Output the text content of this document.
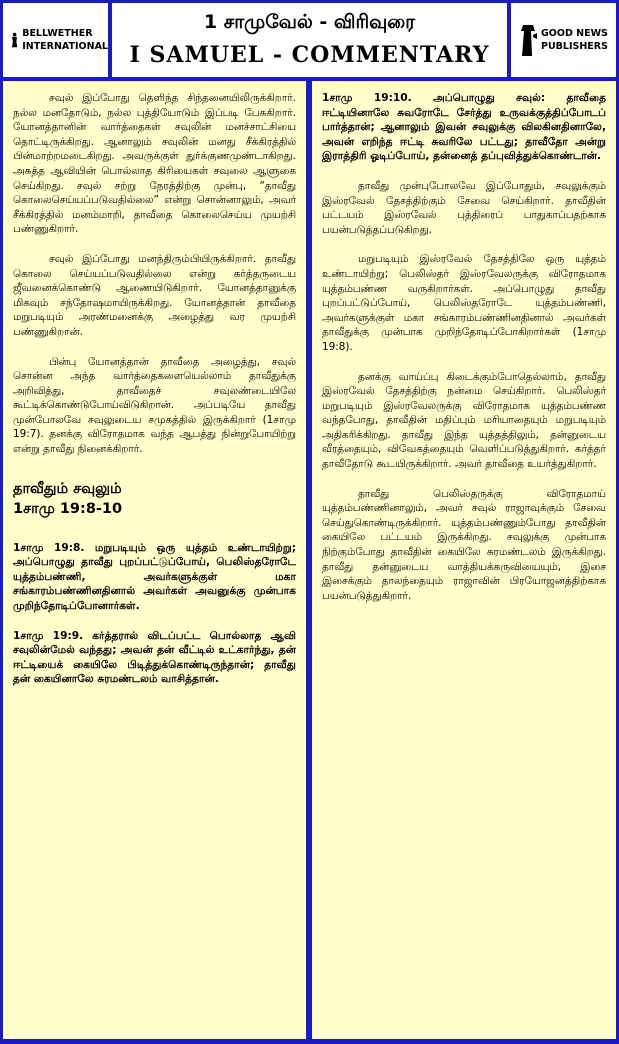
BELLWETHER
INTERNATIONAL
1 சாமுவேல் - விரிவுரை
I SAMUEL - COMMENTARY
GOOD NEWS
PUBLISHERS

சவுல் இப்போது தெளிந்த சிந்தனையிலிருக்கிறார். நல்ல மனதோடும், நல்ல புத்தியோடும் இப்படி பேசுகிறார். யோனத்தானின் வார்த்தைகள் சவுலின் மனச்சாட்சியை தொட்டிருக்கிறது. ஆனாலும் சவுலின் மனது சீக்கிரத்தில் பின்மாற்றமடைகிறது. அவருக்குள் துர்க்குணமுண்டாகிறது. அசுத்த ஆவியின் பொல்லாத கிரியைகள் சவுலை ஆளுகை செய்கிறது. சவுல் சற்று நேரத்திற்கு முன்பு, “தாவீது கொலைசெய்யப்படுவதில்லை” என்று சொன்னாலும், அவர் சீக்கிரத்தில் மனம்மாறி, தாவீதை கொலைசெய்ய முயற்சி பண்ணுகிறார்.

சவுல் இப்போது மனந்திரும்பியிருக்கிறார். தாவீது கொலை செய்யப்படுவதில்லை என்று கர்த்தருடைய ஜீவனைக்கொண்டு ஆணையிடுகிறார். யோனத்தானுக்கு மிகவும் சந்தோஷமாயிருக்கிறது. யோனத்தான் தாவீதை மறுபடியும் அரண்மனைக்கு அழைத்து வர முயற்சி பண்ணுகிறான்.

பின்பு யோனத்தான் தாவீதை அழைத்து, சவுல் சொன்ன அந்த வார்த்தைகளையெல்லாம் தாவீதுக்கு அறிவித்து, தாவீதைச் சவுலண்டையிலே கூட்டிக்கொண்டுபோய்விடுகிறான். அப்படியே தாவீது முன்போலவே சவுலுடைய சமுகத்தில் இருக்கிறார் (1சாமு 19:7). தனக்கு விரோதமாக வந்த ஆபத்து நின்றுபோயிற்று என்று தாவீது நினைக்கிறார்.

தாவீதும் சவுலும்
1சாமு 19:8-10

1சாமு 19:8. மறுபடியும் ஒரு யுத்தம் உண்டாயிற்று; அப்பொழுது தாவீது புறப்பட்டுப்போய், பெலிஸ்தரோடே யுத்தம்பண்ணி, அவர்களுக்குள் மகா சங்காரம்பண்ணினதினால் அவர்கள் அவனுக்கு முன்பாக முறிந்தோடிப்போனார்கள்.

1சாமு 19:9. கர்த்தரால் விடப்பட்ட பொல்லாத ஆவி சவுலின்மேல் வந்தது; அவன் தன் வீட்டில் உட்கார்ந்து, தன் ஈட்டியைக் கையிலே பிடித்துக்கொண்டிருந்தான்; தாவீது தன் கையினாலே சுரமண்டலம் வாசித்தான்.

1சாமு 19:10. அப்பொழுது சவுல்: தாவீதை ஈட்டியினாலே சுவரோடே சேர்த்து உருவக்குத்திப்போடப் பார்த்தான்; ஆனாலும் இவன் சவுலுக்கு விலகினதினாலே, அவன் எறிந்த ஈட்டி சுவரிலே பட்டது; தாவீதோ அன்று இராத்திரி ஓடிப்போய், தன்னைத் தப்புவித்துக்கொண்டான்.

தாவீது முன்புபோலவே இப்போதும், சவுலுக்கும் இஸ்ரவேல் தேசத்திற்கும் சேவை செய்கிறார். தாவீதின் பட்டயம் இஸ்ரவேல் புத்திரைப் பாதுகாப்பதற்காக பயன்படுத்தப்படுகிறது.

மறுபடியும் இஸ்ரவேல் தேசத்திலே ஒரு யுத்தம் உண்டாயிற்று; பெலிஸ்தர் இஸ்ரவேலருக்கு விரோதமாக யுத்தம்பண்ண வருகிறார்கள். அப்பொழுது தாவீது புறப்பட்டுப்போய், பெலிஸ்தரோடே யுத்தம்பண்ணி, அவர்களுக்குள் மகா சங்காரம்பண்ணினதினால் அவர்கள் தாவீதுக்கு முன்பாக முறிந்தோடிப்போகிறார்கள் (1சாமு 19:8).

தனக்கு வாய்ப்பு கிடைக்கும்போதெல்லாம், தாவீது இஸ்ரவேல் தேசத்திற்கு நன்மை செய்கிறார். பெலிஸ்தர் மறுபடியும் இஸ்ரவேலருக்கு விரோதமாக யுத்தம்பண்ண வந்தபோது, தாவீதின் மதிப்பும் மரியாதையும் மறுபடியும் அதிகரிக்கிறது. தாவீது இந்த யுத்தத்திலும், தன்னுடைய வீரத்தையும், விவேகத்தையும் வெளிப்படுத்துகிறார். கர்த்தர் தாவீதோடு கூடயிருக்கிறார். அவர் தாவீதை உயர்த்துகிறார்.

தாவீது பெலிஸ்தருக்கு விரோதமாய் யுத்தம்பண்ணினாலும், அவர் சவுல் ராஜாவுக்கும் சேவை செய்துகொண்டிருக்கிறார். யுத்தம்பண்ணும்போது தாவீதின் கையிலே பட்டயம் இருக்கிறது. சவுலுக்கு முன்பாக நிற்கும்போது தாவீதின் கையிலே சுரமண்டலம் இருக்கிறது. தாவீது தன்னுடைய வாத்தியக்கருவியையும், இசை இசைக்கும் தாலந்தையும் ராஜாவின் பிரயோஜனத்திற்காக பயன்படுத்துகிறார்.
